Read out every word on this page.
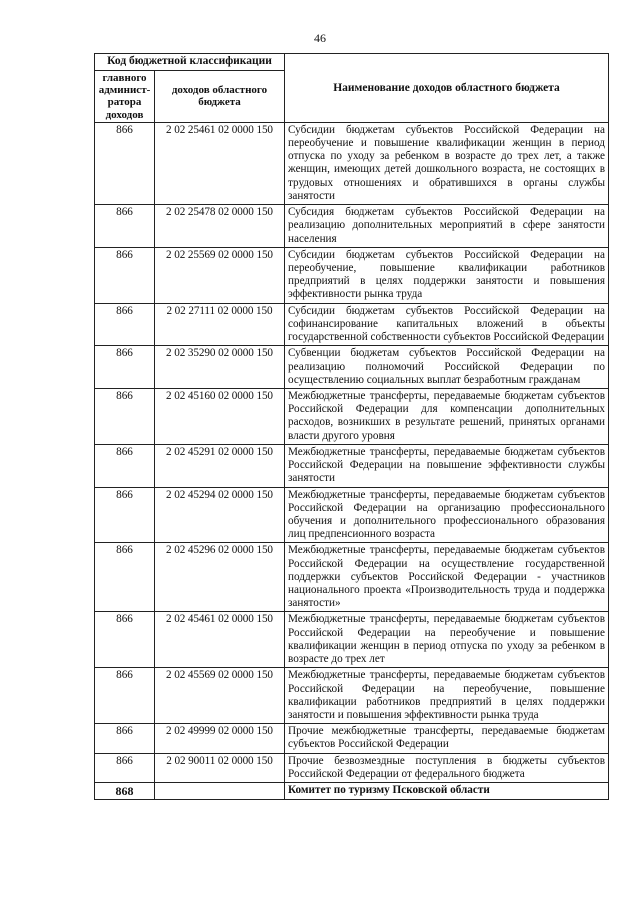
46
Код бюджетной классификации		Наименование доходов областного бюджета
главного админист-ратора доходов	доходов областного бюджета	
866	2 02 25461 02 0000 150	Субсидии бюджетам субъектов Российской Федерации на переобучение и повышение квалификации женщин в период отпуска по уходу за ребенком в возрасте до трех лет, а также женщин, имеющих детей дошкольного возраста, не состоящих в трудовых отношениях и обратившихся в органы службы занятости
866	2 02 25478 02 0000 150	Субсидия бюджетам субъектов Российской Федерации на реализацию дополнительных мероприятий в сфере занятости населения
866	2 02 25569 02 0000 150	Субсидии бюджетам субъектов Российской Федерации на переобучение, повышение квалификации работников предприятий в целях поддержки занятости и повышения эффективности рынка труда
866	2 02 27111 02 0000 150	Субсидии бюджетам субъектов Российской Федерации на софинансирование капитальных вложений в объекты государственной собственности субъектов Российской Федерации
866	2 02 35290 02 0000 150	Субвенции бюджетам субъектов Российской Федерации на реализацию полномочий Российской Федерации по осуществлению социальных выплат безработным гражданам
866	2 02 45160 02 0000 150	Межбюджетные трансферты, передаваемые бюджетам субъектов Российской Федерации для компенсации дополнительных расходов, возникших в результате решений, принятых органами власти другого уровня
866	2 02 45291 02 0000 150	Межбюджетные трансферты, передаваемые бюджетам субъектов Российской Федерации на повышение эффективности службы занятости
866	2 02 45294 02 0000 150	Межбюджетные трансферты, передаваемые бюджетам субъектов Российской Федерации на организацию профессионального обучения и дополнительного профессионального образования лиц предпенсионного возраста
866	2 02 45296 02 0000 150	Межбюджетные трансферты, передаваемые бюджетам субъектов Российской Федерации на осуществление государственной поддержки субъектов Российской Федерации - участников национального проекта «Производительность труда и поддержка занятости»
866	2 02 45461 02 0000 150	Межбюджетные трансферты, передаваемые бюджетам субъектов Российской Федерации на переобучение и повышение квалификации женщин в период отпуска по уходу за ребенком в возрасте до трех лет
866	2 02 45569 02 0000 150	Межбюджетные трансферты, передаваемые бюджетам субъектов Российской Федерации на переобучение, повышение квалификации работников предприятий в целях поддержки занятости и повышения эффективности рынка труда
866	2 02 49999 02 0000 150	Прочие межбюджетные трансферты, передаваемые бюджетам субъектов Российской Федерации
866	2 02 90011 02 0000 150	Прочие безвозмездные поступления в бюджеты субъектов Российской Федерации от федерального бюджета
868		Комитет по туризму Псковской области
